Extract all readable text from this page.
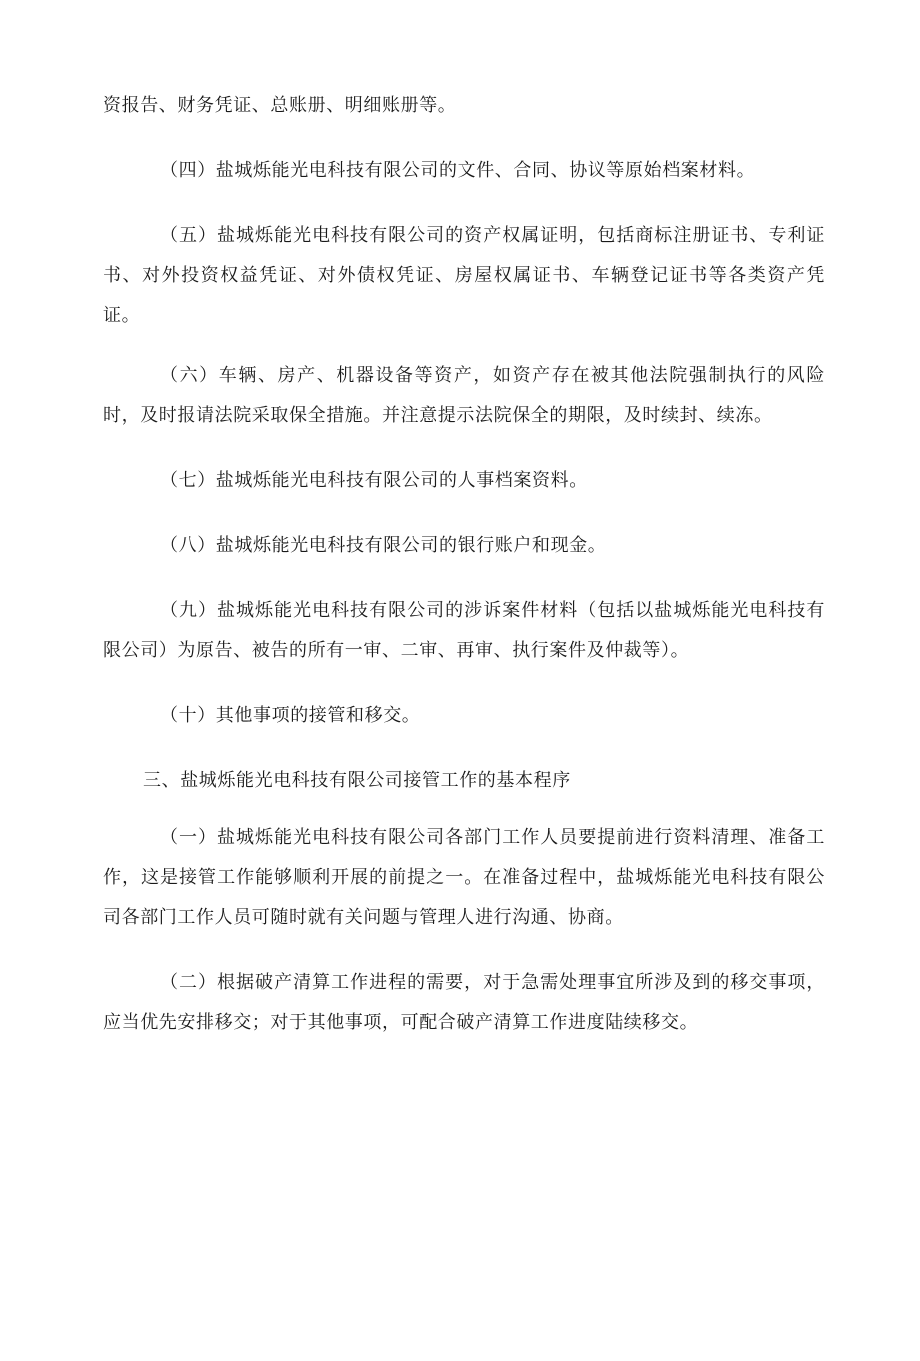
资报告、财务凭证、总账册、明细账册等。

（四）盐城烁能光电科技有限公司的文件、合同、协议等原始档案材料。

（五）盐城烁能光电科技有限公司的资产权属证明，包括商标注册证书、专利证书、对外投资权益凭证、对外债权凭证、房屋权属证书、车辆登记证书等各类资产凭证。

（六）车辆、房产、机器设备等资产，如资产存在被其他法院强制执行的风险时，及时报请法院采取保全措施。并注意提示法院保全的期限，及时续封、续冻。

（七）盐城烁能光电科技有限公司的人事档案资料。

（八）盐城烁能光电科技有限公司的银行账户和现金。

（九）盐城烁能光电科技有限公司的涉诉案件材料（包括以盐城烁能光电科技有限公司）为原告、被告的所有一审、二审、再审、执行案件及仲裁等）。

（十）其他事项的接管和移交。

三、盐城烁能光电科技有限公司接管工作的基本程序

（一）盐城烁能光电科技有限公司各部门工作人员要提前进行资料清理、准备工作，这是接管工作能够顺利开展的前提之一。在准备过程中，盐城烁能光电科技有限公司各部门工作人员可随时就有关问题与管理人进行沟通、协商。

（二）根据破产清算工作进程的需要，对于急需处理事宜所涉及到的移交事项，应当优先安排移交；对于其他事项，可配合破产清算工作进度陆续移交。
